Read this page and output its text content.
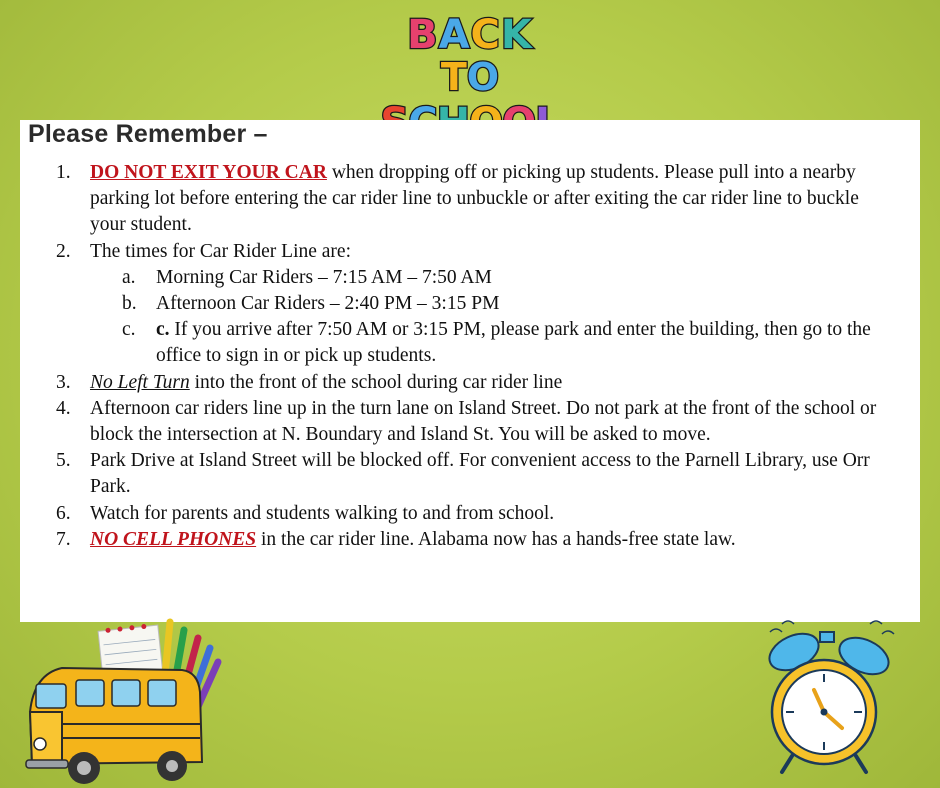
BACK
TO
Please Remember –
1. DO NOT EXIT YOUR CAR when dropping off or picking up students. Please pull into a nearby parking lot before entering the car rider line to unbuckle or after exiting the car rider line to buckle your student.
2. The times for Car Rider Line are:
a. Morning Car Riders – 7:15 AM – 7:50 AM
b. Afternoon Car Riders – 2:40 PM – 3:15 PM
c. c. If you arrive after 7:50 AM or 3:15 PM, please park and enter the building, then go to the office to sign in or pick up students.
3. No Left Turn into the front of the school during car rider line
4. Afternoon car riders line up in the turn lane on Island Street. Do not park at the front of the school or block the intersection at N. Boundary and Island St. You will be asked to move.
5. Park Drive at Island Street will be blocked off. For convenient access to the Parnell Library, use Orr Park.
6. Watch for parents and students walking to and from school.
7. NO CELL PHONES in the car rider line. Alabama now has a hands-free state law.
